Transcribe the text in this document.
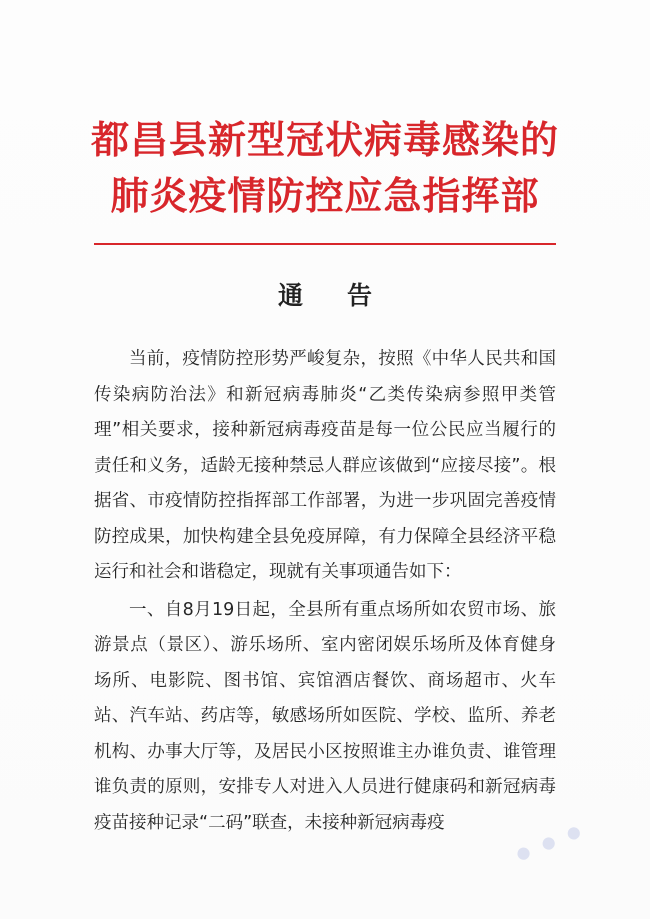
都昌县新型冠状病毒感染的
肺炎疫情防控应急指挥部
通告

当前，疫情防控形势严峻复杂，按照《中华人民共和国传染病防治法》和新冠病毒肺炎“乙类传染病参照甲类管理”相关要求，接种新冠病毒疫苗是每一位公民应当履行的责任和义务，适龄无接种禁忌人群应该做到“应接尽接”。根据省、市疫情防控指挥部工作部署，为进一步巩固完善疫情防控成果，加快构建全县免疫屏障，有力保障全县经济平稳运行和社会和谐稳定，现就有关事项通告如下：

一、自8月19日起，全县所有重点场所如农贸市场、旅游景点（景区）、游乐场所、室内密闭娱乐场所及体育健身场所、电影院、图书馆、宾馆酒店餐饮、商场超市、火车站、汽车站、药店等，敏感场所如医院、学校、监所、养老机构、办事大厅等，及居民小区按照谁主办谁负责、谁管理谁负责的原则，安排专人对进入人员进行健康码和新冠病毒疫苗接种记录“二码”联查，未接种新冠病毒疫	● ● ●
